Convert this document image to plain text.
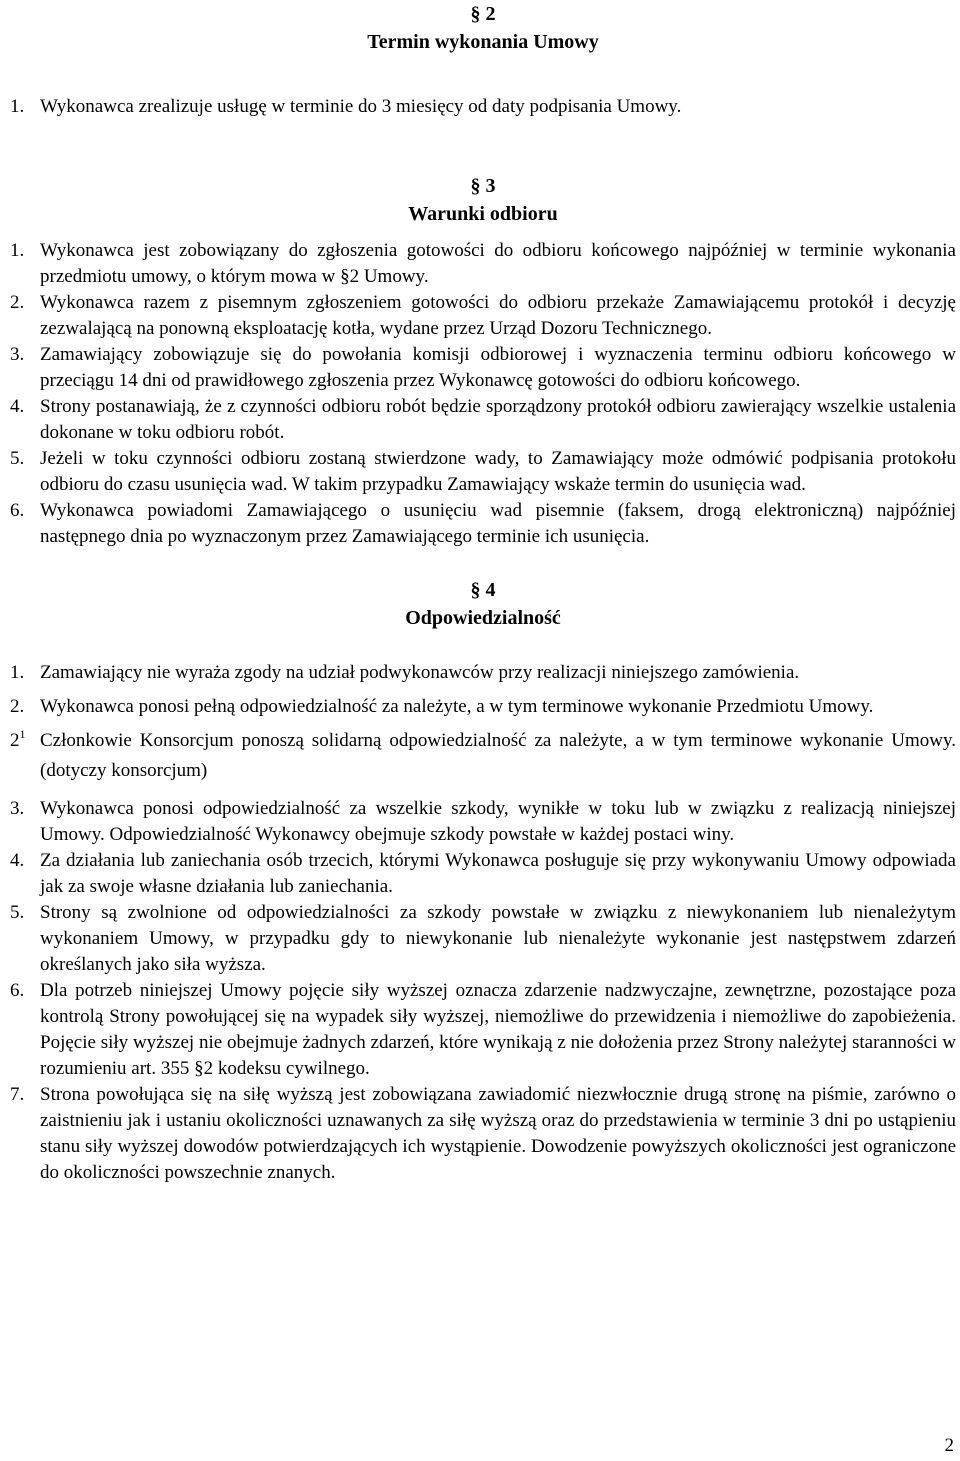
§ 2
Termin wykonania Umowy
1. Wykonawca zrealizuje usługę w terminie do 3 miesięcy od daty podpisania Umowy.
§ 3
Warunki odbioru
1. Wykonawca jest zobowiązany do zgłoszenia gotowości do odbioru końcowego najpóźniej w terminie wykonania przedmiotu umowy, o którym mowa w §2 Umowy.
2. Wykonawca razem z pisemnym zgłoszeniem gotowości do odbioru przekaże Zamawiającemu protokół i decyzję zezwalającą na ponowną eksploatację kotła, wydane przez Urząd Dozoru Technicznego.
3. Zamawiający zobowiązuje się do powołania komisji odbiorowej i wyznaczenia terminu odbioru końcowego w przeciągu 14 dni od prawidłowego zgłoszenia przez Wykonawcę gotowości do odbioru końcowego.
4. Strony postanawiają, że z czynności odbioru robót będzie sporządzony protokół odbioru zawierający wszelkie ustalenia dokonane w toku odbioru robót.
5. Jeżeli w toku czynności odbioru zostaną stwierdzone wady, to Zamawiający może odmówić podpisania protokołu odbioru do czasu usunięcia wad. W takim przypadku Zamawiający wskaże termin do usunięcia wad.
6. Wykonawca powiadomi Zamawiającego o usunięciu wad pisemnie (faksem, drogą elektroniczną) najpóźniej następnego dnia po wyznaczonym przez Zamawiającego terminie ich usunięcia.
§ 4
Odpowiedzialność
1. Zamawiający nie wyraża zgody na udział podwykonawców przy realizacji niniejszego zamówienia.
2. Wykonawca ponosi pełną odpowiedzialność za należyte, a w tym terminowe wykonanie Przedmiotu Umowy.
$2^1$ Członkowie Konsorcjum ponoszą solidarną odpowiedzialność za należyte, a w tym terminowe wykonanie Umowy. (dotyczy konsorcjum)
3. Wykonawca ponosi odpowiedzialność za wszelkie szkody, wynikłe w toku lub w związku z realizacją niniejszej Umowy. Odpowiedzialność Wykonawcy obejmuje szkody powstałe w każdej postaci winy.
4. Za działania lub zaniechania osób trzecich, którymi Wykonawca posługuje się przy wykonywaniu Umowy odpowiada jak za swoje własne działania lub zaniechania.
5. Strony są zwolnione od odpowiedzialności za szkody powstałe w związku z niewykonaniem lub nienależytym wykonaniem Umowy, w przypadku gdy to niewykonanie lub nienależyte wykonanie jest następstwem zdarzeń określanych jako siła wyższa.
6. Dla potrzeb niniejszej Umowy pojęcie siły wyższej oznacza zdarzenie nadzwyczajne, zewnętrzne, pozostające poza kontrolą Strony powołującej się na wypadek siły wyższej, niemożliwe do przewidzenia i niemożliwe do zapobieżenia. Pojęcie siły wyższej nie obejmuje żadnych zdarzeń, które wynikają z nie dołożenia przez Strony należytej staranności w rozumieniu art. 355 §2 kodeksu cywilnego.
7. Strona powołująca się na siłę wyższą jest zobowiązana zawiadomić niezwłocznie drugą stronę na piśmie, zarówno o zaistnieniu jak i ustaniu okoliczności uznawanych za siłę wyższą oraz do przedstawienia w terminie 3 dni po ustąpieniu stanu siły wyższej dowodów potwierdzających ich wystąpienie. Dowodzenie powyższych okoliczności jest ograniczone do okoliczności powszechnie znanych.
2
